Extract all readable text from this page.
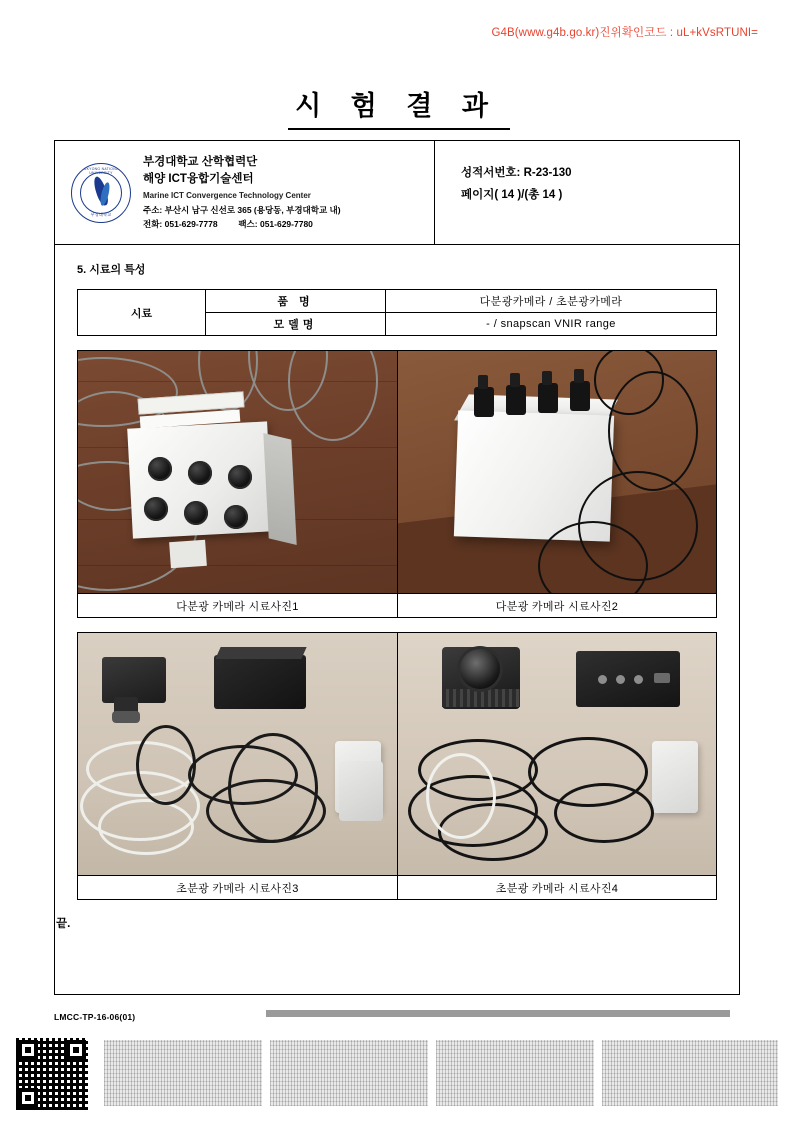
G4B(www.g4b.go.kr)진위확인코드 : uL+kVsRTUNI=
시 험 결 과
PUKYONG NATIONAL UNIVERSITY
부경대학교
부경대학교 산학협력단
해양 ICT융합기술센터
Marine ICT Convergence Technology Center
주소: 부산시 남구 신선로 365 (용당동, 부경대학교 내)
전화: 051-629-7778 팩스: 051-629-7780
성적서번호: R-23-130
페이지( 14 )/(총 14 )
5. 시료의 특성
시료	품 명	다분광카메라 / 초분광카메라
	모델명	- / snapscan VNIR range
다분광 카메라 시료사진1	다분광 카메라 시료사진2
초분광 카메라 시료사진3	초분광 카메라 시료사진4
끝.
LMCC-TP-16-06(01)
